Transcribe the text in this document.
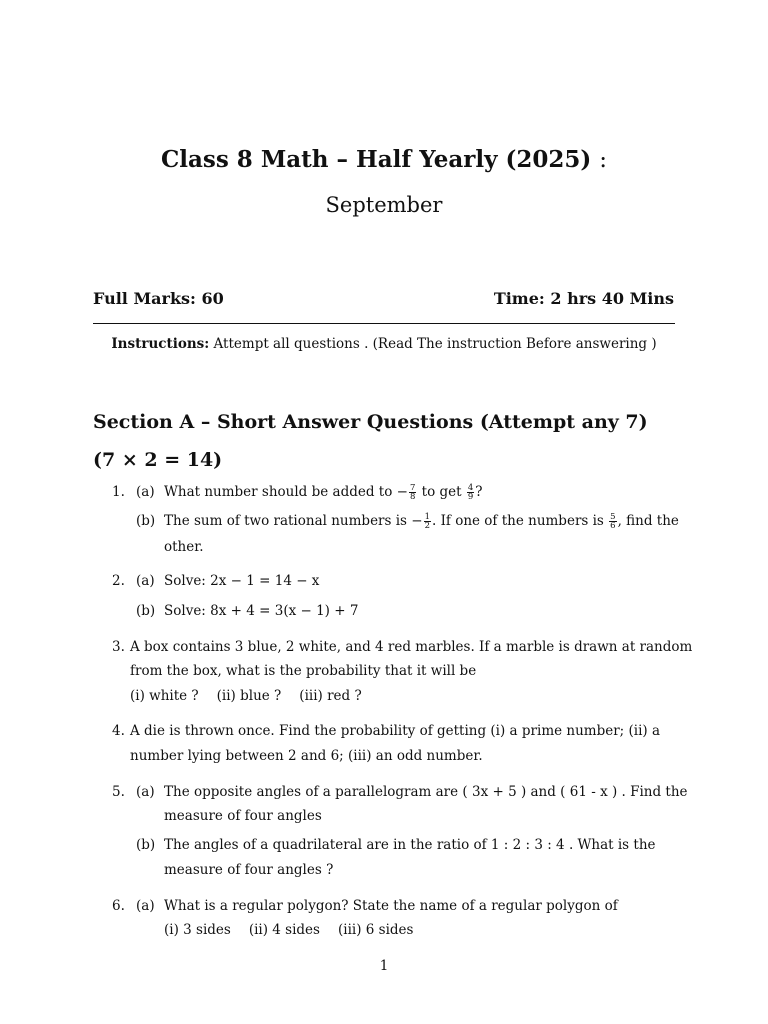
Class 8 Math – Half Yearly (2025) :
September
Full Marks: 60	Time: 2 hrs 40 Mins
Instructions: Attempt all questions . (Read The instruction Before answering )
Section A – Short Answer Questions (Attempt any 7)
(7 × 2 = 14)
1. (a) What number should be added to − $\frac{7}{8}$ to get $\frac{4}{9}$ ?
(b) The sum of two rational numbers is − $\frac{1}{2}$ . If one of the numbers is $\frac{5}{6}$ , find the
other.
2. (a) Solve: 2x − 1 = 14 − x
(b) Solve: 8x + 4 = 3(x − 1) + 7
3. A box contains 3 blue, 2 white, and 4 red marbles. If a marble is drawn at random
from the box, what is the probability that it will be
(i) white ? (ii) blue ? (iii) red ?
4. A die is thrown once. Find the probability of getting (i) a prime number; (ii) a
number lying between 2 and 6; (iii) an odd number.
5. (a) The opposite angles of a parallelogram are ( 3x + 5 ) and ( 61 - x ) . Find the
measure of four angles
(b) The angles of a quadrilateral are in the ratio of 1 : 2 : 3 : 4 . What is the
measure of four angles ?
6. (a) What is a regular polygon? State the name of a regular polygon of
(i) 3 sides (ii) 4 sides (iii) 6 sides
1
